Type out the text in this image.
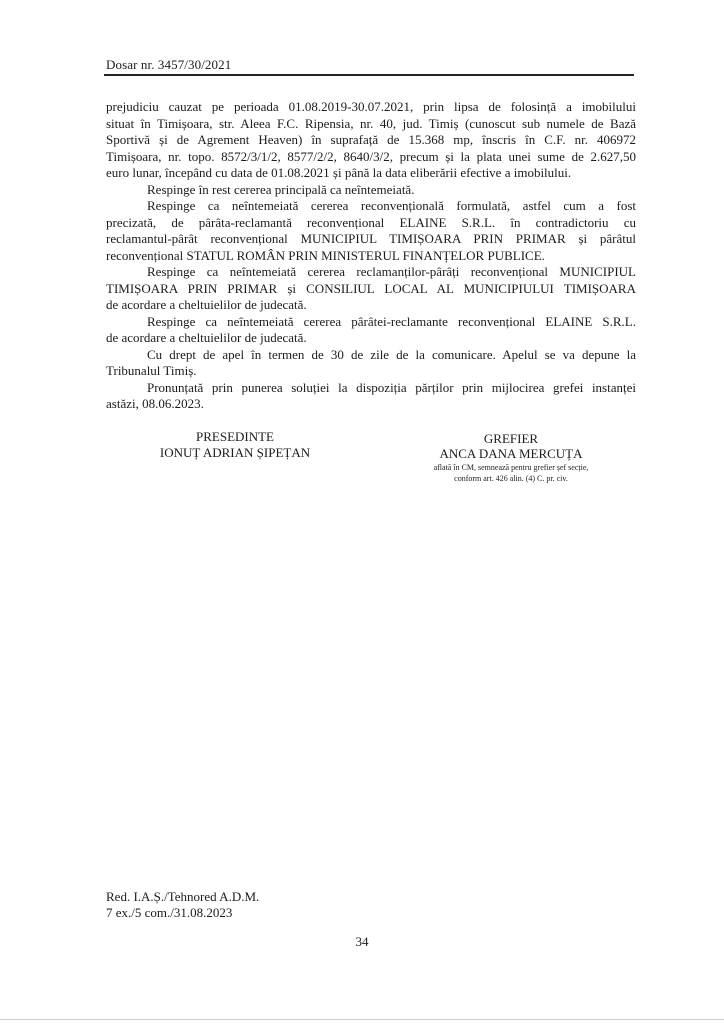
Dosar nr. 3457/30/2021

prejudiciu cauzat pe perioada 01.08.2019-30.07.2021, prin lipsa de folosință a imobilului
situat în Timișoara, str. Aleea F.C. Ripensia, nr. 40, jud. Timiș (cunoscut sub numele de Bază
Sportivă și de Agrement Heaven) în suprafață de 15.368 mp, înscris în C.F. nr. 406972
Timișoara, nr. topo. 8572/3/1/2, 8577/2/2, 8640/3/2, precum și la plata unei sume de 2.627,50
euro lunar, începând cu data de 01.08.2021 și până la data eliberării efective a imobilului.

Respinge în rest cererea principală ca neîntemeiată.

Respinge ca neîntemeiată cererea reconvențională formulată, astfel cum a fost
precizată, de pârâta-reclamantă reconvențional ELAINE S.R.L. în contradictoriu cu
reclamantul-pârât reconvențional MUNICIPIUL TIMIȘOARA PRIN PRIMAR și pârâtul
reconvențional STATUL ROMÂN PRIN MINISTERUL FINANȚELOR PUBLICE.

Respinge ca neîntemeiată cererea reclamanților-pârâți reconvențional MUNICIPIUL
TIMIȘOARA PRIN PRIMAR și CONSILIUL LOCAL AL MUNICIPIULUI TIMIȘOARA
de acordare a cheltuielilor de judecată.

Respinge ca neîntemeiată cererea pârâtei-reclamante reconvențional ELAINE S.R.L.
de acordare a cheltuielilor de judecată.

Cu drept de apel în termen de 30 de zile de la comunicare. Apelul se va depune la
Tribunalul Timiș.

Pronunțată prin punerea soluției la dispoziția părților prin mijlocirea grefei instanței
astăzi, 08.06.2023.

PRESEDINTE
IONUȚ ADRIAN ȘIPEȚAN
GREFIER
ANCA DANA MERCUȚA
aflată în CM, semnează pentru grefier șef secție,
conform art. 426 alin. (4) C. pr. civ.
Red. I.A.Ș./Tehnored A.D.M.
7 ex./5 com./31.08.2023
34
